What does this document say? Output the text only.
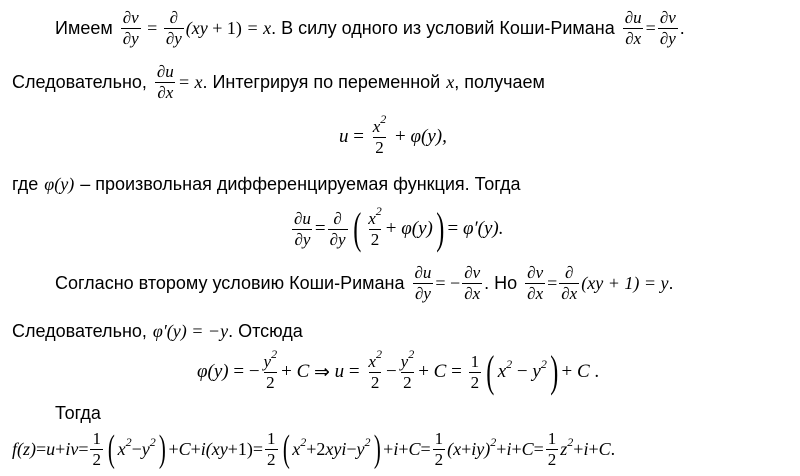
Имеем $\frac{\partial v}{\partial y} = \frac{\partial}{\partial y} (xy + 1) = x$ . В силу одного из условий Коши-Римана $\frac{\partial u}{\partial x} = \frac{\partial v}{\partial y}$ .
Следовательно, $\frac{\partial u}{\partial x} = x$ . Интегрируя по переменной x , получаем
$u = \frac{x^2}{2} + \varphi(y)$,
где φ(y) – произвольная дифференцируемая функция. Тогда
$\frac{\partial u}{\partial y} = \frac{\partial}{\partial y}$ ( $\frac{x^2}{2} + \varphi(y)$ ) = φ′(y).
Согласно второму условию Коши-Римана $\frac{\partial u}{\partial y}$ = − $\frac{\partial v}{\partial x}$ . Но $\frac{\partial v}{\partial x} = \frac{\partial}{\partial x} (xy + 1) = y$ .
Следовательно, φ′(y) = −y . Отсюда
φ(y) = − $\frac{y^2}{2} + C$ ⇒ $u = \frac{x^2}{2} - \frac{y^2}{2} + C = \frac{1}{2}$ ( $x^2 - y^2$ ) + C .
Тогда
f(z) = u + iv = $\frac{1}{2}$ ( $x^2 - y^2$ ) + $C + i(xy +1)= \frac{1}{2}$ ( $x^2 +2$ xyi − $y^2$ ) + $i + C = \frac{1}{2} (x + iy)^2 + i + C = \frac{1}{2} z^2 + i + C$ .
